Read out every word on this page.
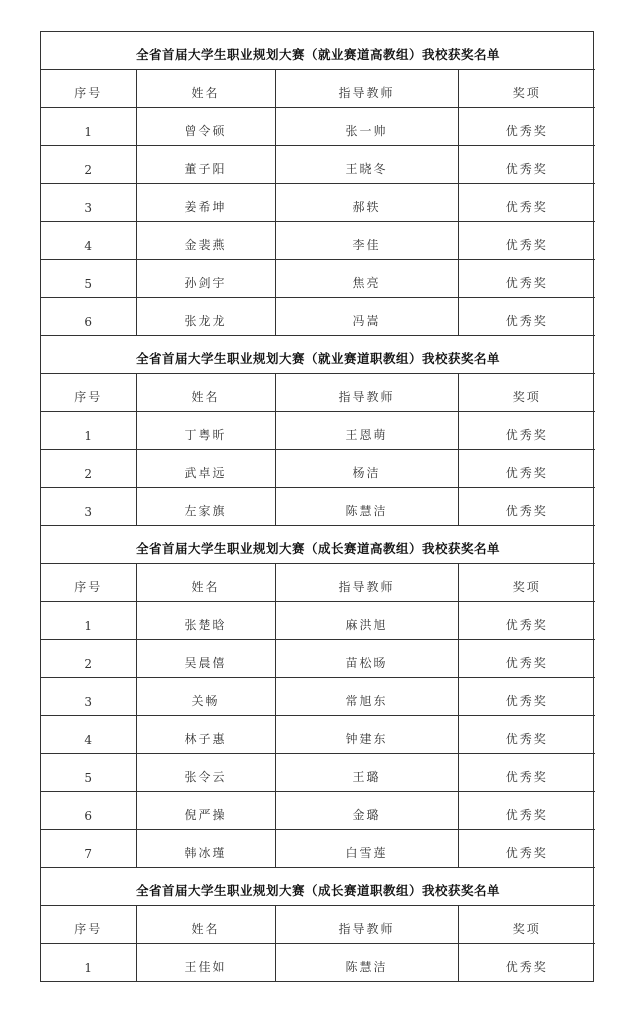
全省首届大学生职业规划大赛（就业赛道高教组）我校获奖名单			
序号	姓名	指导教师	奖项
1	曾令硕	张一帅	优秀奖
2	董子阳	王晓冬	优秀奖
3	姜希坤	郝轶	优秀奖
4	金裴燕	李佳	优秀奖
5	孙剑宇	焦亮	优秀奖
6	张龙龙	冯嵩	优秀奖
全省首届大学生职业规划大赛（就业赛道职教组）我校获奖名单			
序号	姓名	指导教师	奖项
1	丁粤昕	王恩萌	优秀奖
2	武卓远	杨洁	优秀奖
3	左家旗	陈慧洁	优秀奖
全省首届大学生职业规划大赛（成长赛道高教组）我校获奖名单			
序号	姓名	指导教师	奖项
1	张楚晗	麻洪旭	优秀奖
2	吴晨僖	苗松旸	优秀奖
3	关畅	常旭东	优秀奖
4	林子惠	钟建东	优秀奖
5	张令云	王璐	优秀奖
6	倪严操	金璐	优秀奖
7	韩冰瑾	白雪莲	优秀奖
全省首届大学生职业规划大赛（成长赛道职教组）我校获奖名单			
序号	姓名	指导教师	奖项
1	王佳如	陈慧洁	优秀奖
